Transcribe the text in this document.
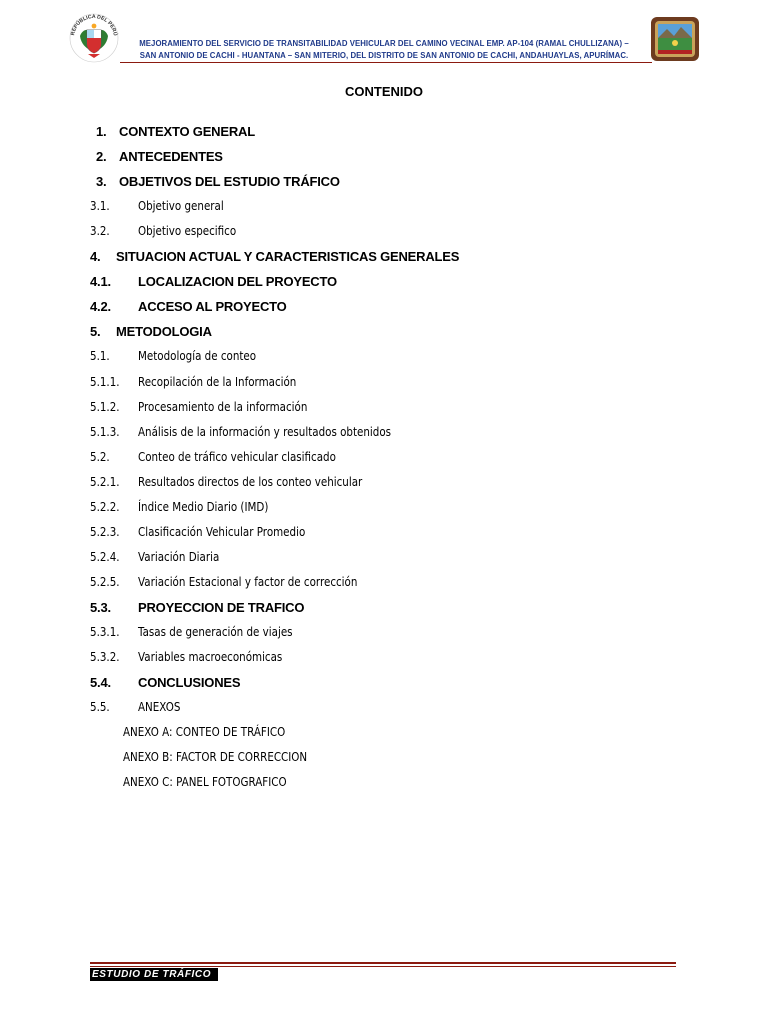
REPÚBLICA DEL PERÚ
MEJORAMIENTO DEL SERVICIO DE TRANSITABILIDAD VEHICULAR DEL CAMINO VECINAL EMP. AP-104 (RAMAL CHULLIZANA) –
SAN ANTONIO DE CACHI - HUANTANA – SAN MITERIO, DEL DISTRITO DE SAN ANTONIO DE CACHI, ANDAHUAYLAS, APURÍMAC.
CONTENIDO
1. CONTEXTO GENERAL
2. ANTECEDENTES
3. OBJETIVOS DEL ESTUDIO TRÁFICO
3.1. Objetivo general
3.2. Objetivo especifico
4. SITUACION ACTUAL Y CARACTERISTICAS GENERALES
4.1. LOCALIZACION DEL PROYECTO
4.2. ACCESO AL PROYECTO
5. METODOLOGIA
5.1. Metodología de conteo
5.1.1.	Recopilación de la Información
5.1.2.	Procesamiento de la información
5.1.3.	Análisis de la información y resultados obtenidos
5.2. Conteo de tráfico vehicular clasificado
5.2.1.	Resultados directos de los conteo vehicular
5.2.2.	Índice Medio Diario (IMD)
5.2.3.	Clasificación Vehicular Promedio
5.2.4.	Variación Diaria
5.2.5.	Variación Estacional y factor de corrección
5.3. PROYECCION DE TRAFICO
5.3.1.	Tasas de generación de viajes
5.3.2.	Variables macroeconómicas
5.4. CONCLUSIONES
5.5. ANEXOS
ANEXO A: CONTEO DE TRÁFICO
ANEXO B: FACTOR DE CORRECCION
ANEXO C: PANEL FOTOGRAFICO
ESTUDIO DE TRÁFICO
